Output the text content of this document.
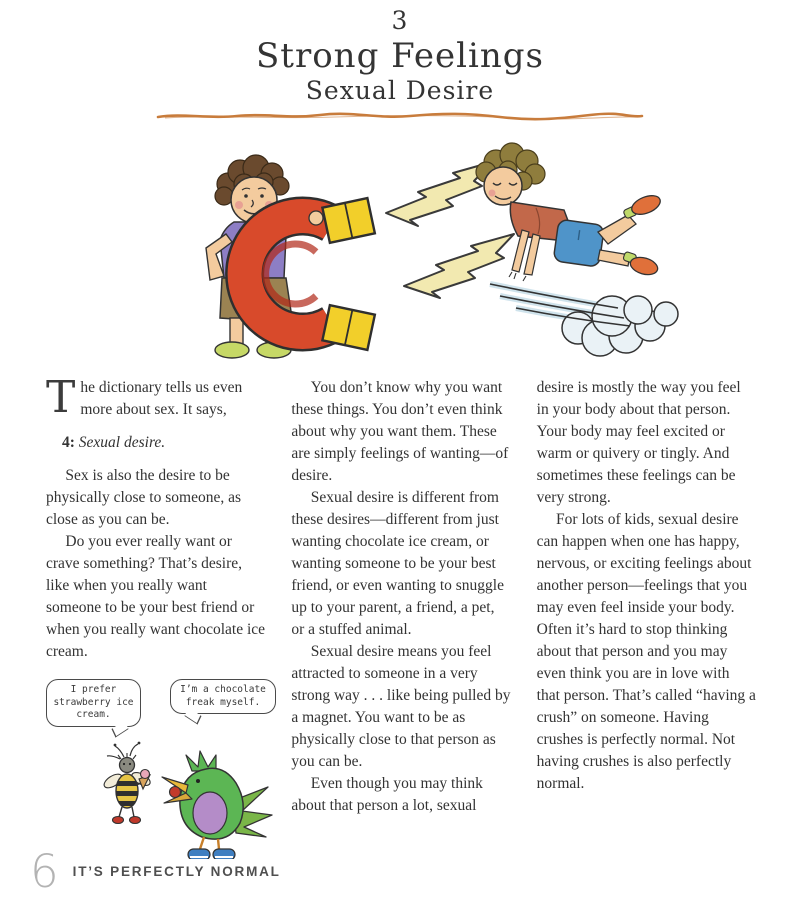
3
Strong Feelings
Sexual Desire

The dictionary tells us even more about sex. It says,

4: Sexual desire.

Sex is also the desire to be physically close to someone, as close as you can be.

Do you ever really want or crave something? That’s desire, like when you really want someone to be your best friend or when you really want chocolate ice cream.

I prefer strawberry ice cream.
I’m a chocolate freak myself.

You don’t know why you want these things. You don’t even think about why you want them. These are simply feelings of wanting—of desire.

Sexual desire is different from these desires—different from just wanting chocolate ice cream, or wanting someone to be your best friend, or even wanting to snuggle up to your parent, a friend, a pet, or a stuffed animal.

Sexual desire means you feel attracted to someone in a very strong way . . . like being pulled by a magnet. You want to be as physically close to that person as you can be.

Even though you may think about that person a lot, sexual

desire is mostly the way you feel in your body about that person. Your body may feel excited or warm or quivery or tingly. And sometimes these feelings can be very strong.

For lots of kids, sexual desire can happen when one has happy, nervous, or exciting feelings about another person—feelings that you may even feel inside your body. Often it’s hard to stop thinking about that person and you may even think you are in love with that person. That’s called “having a crush” on someone. Having crushes is perfectly normal. Not having crushes is also perfectly normal.

6 IT’S PERFECTLY NORMAL
